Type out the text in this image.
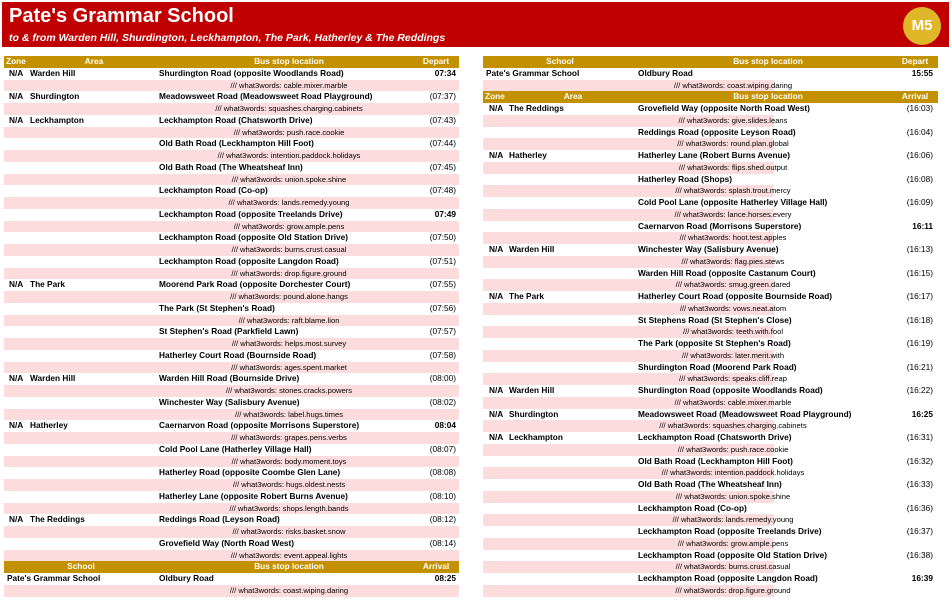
Pate's Grammar School
to & from Warden Hill, Shurdington, Leckhampton, The Park, Hatherley & The Reddings
M5
Zone	Area	Bus stop location	Depart
N/A Warden Hill	Shurdington Road (opposite Woodlands Road)	07:34
/// what3words: cable.mixer.marble
N/A Shurdington	Meadowsweet Road (Meadowsweet Road Playground)	(07:37)
/// what3words: squashes.charging.cabinets
N/A Leckhampton	Leckhampton Road (Chatsworth Drive)	(07:43)
/// what3words: push.race.cookie
Old Bath Road (Leckhampton Hill Foot)	(07:44)
/// what3words: intention.paddock.holidays
Old Bath Road (The Wheatsheaf Inn)	(07:45)
/// what3words: union.spoke.shine
Leckhampton Road (Co-op)	(07:48)
/// what3words: lands.remedy.young
Leckhampton Road (opposite Treelands Drive)	07:49
/// what3words: grow.ample.pens
Leckhampton Road (opposite Old Station Drive)	(07:50)
/// what3words: burns.crust.casual
Leckhampton Road (opposite Langdon Road)	(07:51)
/// what3words: drop.figure.ground
N/A The Park	Moorend Park Road (opposite Dorchester Court)	(07:55)
/// what3words: pound.alone.hangs
The Park (St Stephen's Road)	(07:56)
/// what3words: raft.blame.lion
St Stephen's Road (Parkfield Lawn)	(07:57)
/// what3words: helps.most.survey
Hatherley Court Road (Bournside Road)	(07:58)
/// what3words: ages.spent.market
N/A Warden Hill	Warden Hill Road (Bournside Drive)	(08:00)
/// what3words: stones.cracks.powers
Winchester Way (Salisbury Avenue)	(08:02)
/// what3words: label.hugs.times
N/A Hatherley	Caernarvon Road (opposite Morrisons Superstore)	08:04
/// what3words: grapes.pens.verbs
Cold Pool Lane (Hatherley Village Hall)	(08:07)
/// what3words: body.moment.toys
Hatherley Road (opposite Coombe Glen Lane)	(08:08)
/// what3words: hugs.oldest.nests
Hatherley Lane (opposite Robert Burns Avenue)	(08:10)
/// what3words: shops.length.bands
N/A The Reddings	Reddings Road (Leyson Road)	(08:12)
/// what3words: risks.basket.snow
Grovefield Way (North Road West)	(08:14)
/// what3words: event.appeal.lights
School	Bus stop location	Arrival
Pate's Grammar School	Oldbury Road	08:25
/// what3words: coast.wiping.daring
School	Bus stop location	Depart
Pate's Grammar School	Oldbury Road	15:55
/// what3words: coast.wiping.daring
Zone	Area	Bus stop location	Arrival
N/A The Reddings	Grovefield Way (opposite North Road West)	(16:03)
/// what3words: give.slides.leans
Reddings Road (opposite Leyson Road)	(16:04)
/// what3words: round.plan.global
N/A Hatherley	Hatherley Lane (Robert Burns Avenue)	(16:06)
/// what3words: flips.shed.output
Hatherley Road (Shops)	(16:08)
/// what3words: splash.trout.mercy
Cold Pool Lane (opposite Hatherley Village Hall)	(16:09)
/// what3words: lance.horses.every
Caernarvon Road (Morrisons Superstore)	16:11
/// what3words: hoot.test.apples
N/A Warden Hill	Winchester Way (Salisbury Avenue)	(16:13)
/// what3words: flag.pies.stews
Warden Hill Road (opposite Castanum Court)	(16:15)
/// what3words: smug.green.dared
N/A The Park	Hatherley Court Road (opposite Bournside Road)	(16:17)
/// what3words: vows.neat.atom
St Stephens Road (St Stephen's Close)	(16:18)
/// what3words: teeth.with.fool
The Park (opposite St Stephen's Road)	(16:19)
/// what3words: later.merit.with
Shurdington Road (Moorend Park Road)	(16:21)
/// what3words: speaks.cliff.reap
N/A Warden Hill	Shurdington Road (opposite Woodlands Road)	(16:22)
/// what3words: cable.mixer.marble
N/A Shurdington	Meadowsweet Road (Meadowsweet Road Playground)	16:25
/// what3words: squashes.charging.cabinets
N/A Leckhampton	Leckhampton Road (Chatsworth Drive)	(16:31)
/// what3words: push.race.cookie
Old Bath Road (Leckhampton Hill Foot)	(16:32)
/// what3words: intention.paddock.holidays
Old Bath Road (The Wheatsheaf Inn)	(16:33)
/// what3words: union.spoke.shine
Leckhampton Road (Co-op)	(16:36)
/// what3words: lands.remedy.young
Leckhampton Road (opposite Treelands Drive)	(16:37)
/// what3words: grow.ample.pens
Leckhampton Road (opposite Old Station Drive)	(16:38)
/// what3words: burns.crust.casual
Leckhampton Road (opposite Langdon Road)	16:39
/// what3words: drop.figure.ground
